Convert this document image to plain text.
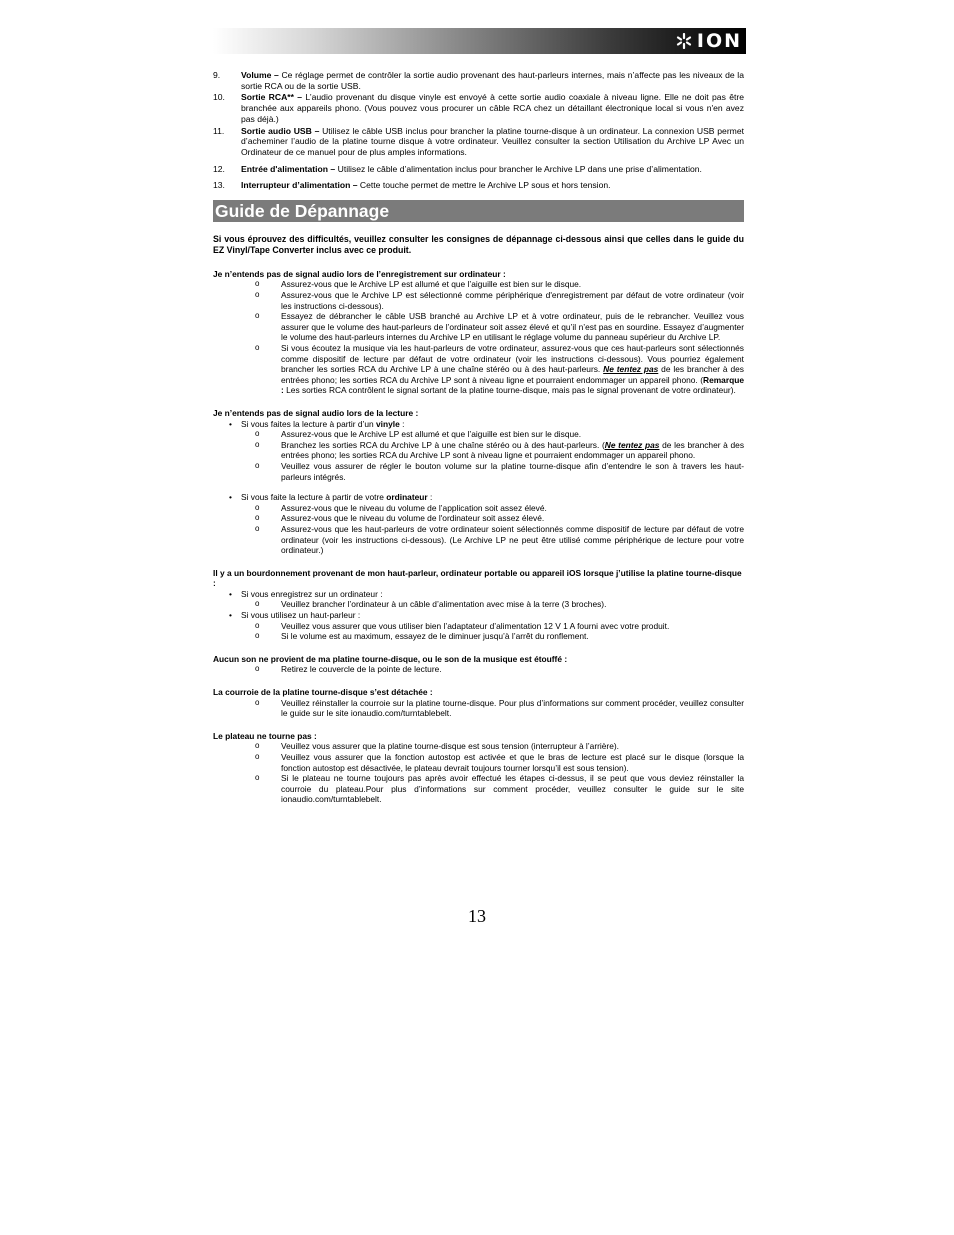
ION
9. Volume – Ce réglage permet de contrôler la sortie audio provenant des haut-parleurs internes, mais n’affecte pas les niveaux de la sortie RCA ou de la sortie USB.
10. Sortie RCA** – L’audio provenant du disque vinyle est envoyé à cette sortie audio coaxiale à niveau ligne. Elle ne doit pas être branchée aux appareils phono. (Vous pouvez vous procurer un câble RCA chez un détaillant électronique local si vous n'en avez pas déjà.)
11. Sortie audio USB – Utilisez le câble USB inclus pour brancher la platine tourne-disque à un ordinateur. La connexion USB permet d’acheminer l’audio de la platine tourne disque à votre ordinateur. Veuillez consulter la section Utilisation du Archive LP Avec un Ordinateur de ce manuel pour de plus amples informations.
12. Entrée d'alimentation – Utilisez le câble d’alimentation inclus pour brancher le Archive LP dans une prise d’alimentation.
13. Interrupteur d’alimentation – Cette touche permet de mettre le Archive LP sous et hors tension.
Guide de Dépannage
Si vous éprouvez des difficultés, veuillez consulter les consignes de dépannage ci-dessous ainsi que celles dans le guide du EZ Vinyl/Tape Converter inclus avec ce produit.
Je n’entends pas de signal audio lors de l’enregistrement sur ordinateur :
o Assurez-vous que le Archive LP est allumé et que l’aiguille est bien sur le disque.
o Assurez-vous que le Archive LP est sélectionné comme périphérique d'enregistrement par défaut de votre ordinateur (voir les instructions ci-dessous).
o Essayez de débrancher le câble USB branché au Archive LP et à votre ordinateur, puis de le rebrancher. Veuillez vous assurer que le volume des haut-parleurs de l’ordinateur soit assez élevé et qu’il n’est pas en sourdine. Essayez d’augmenter le volume des haut-parleurs internes du Archive LP en utilisant le réglage volume du panneau supérieur du Archive LP.
o Si vous écoutez la musique via les haut-parleurs de votre ordinateur, assurez-vous que ces haut-parleurs sont sélectionnés comme dispositif de lecture par défaut de votre ordinateur (voir les instructions ci-dessous). Vous pourriez également brancher les sorties RCA du Archive LP à une chaîne stéréo ou à des haut-parleurs. Ne tentez pas de les brancher à des entrées phono; les sorties RCA du Archive LP sont à niveau ligne et pourraient endommager un appareil phono. (Remarque : Les sorties RCA contrôlent le signal sortant de la platine tourne-disque, mais pas le signal provenant de votre ordinateur).
Je n’entends pas de signal audio lors de la lecture :
• Si vous faites la lecture à partir d’un vinyle :
o Assurez-vous que le Archive LP est allumé et que l’aiguille est bien sur le disque.
o Branchez les sorties RCA du Archive LP à une chaîne stéréo ou à des haut-parleurs. (Ne tentez pas de les brancher à des entrées phono; les sorties RCA du Archive LP sont à niveau ligne et pourraient endommager un appareil phono.
o Veuillez vous assurer de régler le bouton volume sur la platine tourne-disque afin d’entendre le son à travers les haut-parleurs intégrés.
• Si vous faite la lecture à partir de votre ordinateur :
o Assurez-vous que le niveau du volume de l’application soit assez élevé.
o Assurez-vous que le niveau du volume de l'ordinateur soit assez élevé.
o Assurez-vous que les haut-parleurs de votre ordinateur soient sélectionnés comme dispositif de lecture par défaut de votre ordinateur (voir les instructions ci-dessous). (Le Archive LP ne peut être utilisé comme périphérique de lecture pour votre ordinateur.)
Il y a un bourdonnement provenant de mon haut-parleur, ordinateur portable ou appareil iOS lorsque j’utilise la platine tourne-disque :
• Si vous enregistrez sur un ordinateur :
o Veuillez brancher l’ordinateur à un câble d’alimentation avec mise à la terre (3 broches).
• Si vous utilisez un haut-parleur :
o Veuillez vous assurer que vous utiliser bien l’adaptateur d’alimentation 12 V 1 A fourni avec votre produit.
o Si le volume est au maximum, essayez de le diminuer jusqu’à l’arrêt du ronflement.
Aucun son ne provient de ma platine tourne-disque, ou le son de la musique est étouffé :
o Retirez le couvercle de la pointe de lecture.
La courroie de la platine tourne-disque s’est détachée :
o Veuillez réinstaller la courroie sur la platine tourne-disque. Pour plus d’informations sur comment procéder, veuillez consulter le guide sur le site ionaudio.com/turntablebelt.
Le plateau ne tourne pas :
o Veuillez vous assurer que la platine tourne-disque est sous tension (interrupteur à l’arrière).
o Veuillez vous assurer que la fonction autostop est activée et que le bras de lecture est placé sur le disque (lorsque la fonction autostop est désactivée, le plateau devrait toujours tourner lorsqu’il est sous tension).
o Si le plateau ne tourne toujours pas après avoir effectué les étapes ci-dessus, il se peut que vous deviez réinstaller la courroie du plateau.Pour plus d’informations sur comment procéder, veuillez consulter le guide sur le site ionaudio.com/turntablebelt.
13
